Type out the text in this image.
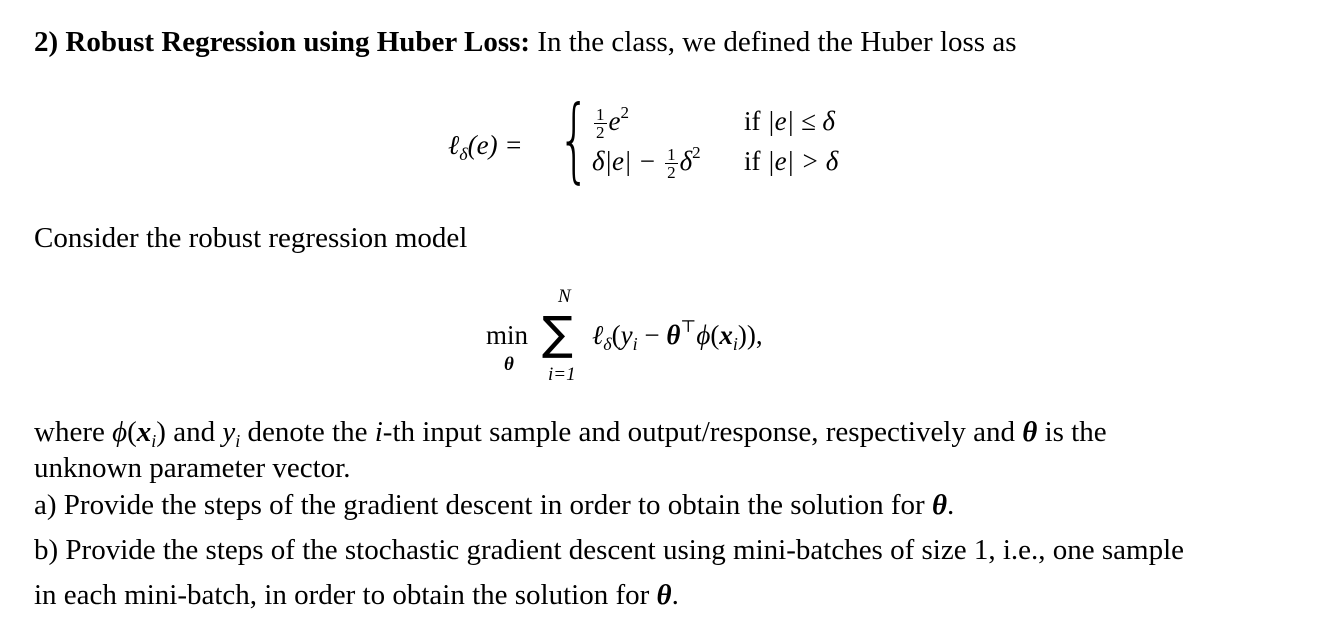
2) Robust Regression using Huber Loss: In the class, we defined the Huber loss as
ℓ$_\delta$(e) = { $\frac{1}{2} e^2$
$\delta|e| - \frac{1}{2} \delta^2$
if |e| ≤ δ
if |e| > δ
Consider the robust regression model
min
θ
N
∑
i=1
$\ell_\delta(y_i - \theta^⊤\phi(x_i))$,
where $\phi(x_i)$ and $y_i$ denote the i-th input sample and output/response, respectively and θ is the
unknown parameter vector.
a) Provide the steps of the gradient descent in order to obtain the solution for θ.
b) Provide the steps of the stochastic gradient descent using mini-batches of size 1, i.e., one sample
in each mini-batch, in order to obtain the solution for θ.
